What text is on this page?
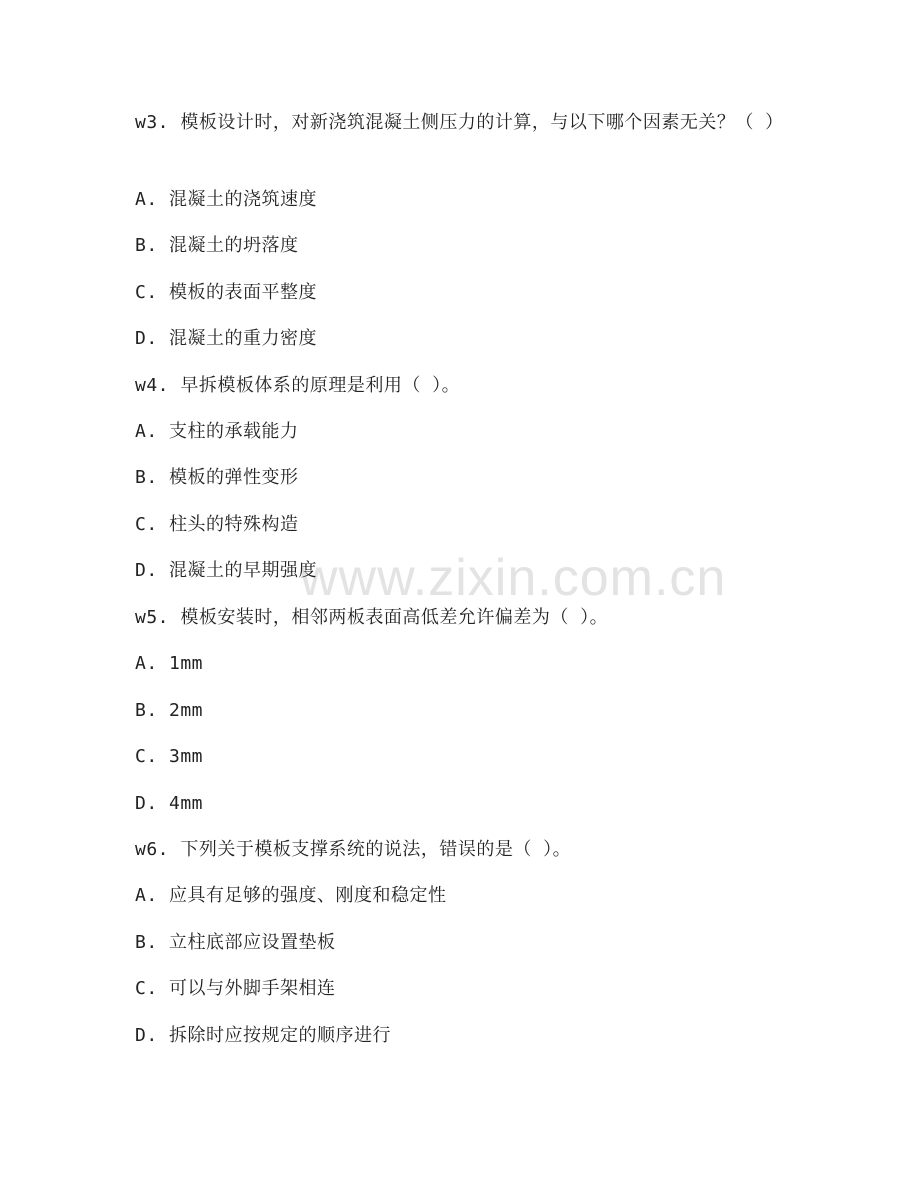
www.zixin.com.cn
w3. 模板设计时，对新浇筑混凝土侧压力的计算，与以下哪个因素无关？（ ）
A. 混凝土的浇筑速度
B. 混凝土的坍落度
C. 模板的表面平整度
D. 混凝土的重力密度
w4. 早拆模板体系的原理是利用（ ）。
A. 支柱的承载能力
B. 模板的弹性变形
C. 柱头的特殊构造
D. 混凝土的早期强度
w5. 模板安装时，相邻两板表面高低差允许偏差为（ ）。
A. 1mm
B. 2mm
C. 3mm
D. 4mm
w6. 下列关于模板支撑系统的说法，错误的是（ ）。
A. 应具有足够的强度、刚度和稳定性
B. 立柱底部应设置垫板
C. 可以与外脚手架相连
D. 拆除时应按规定的顺序进行
